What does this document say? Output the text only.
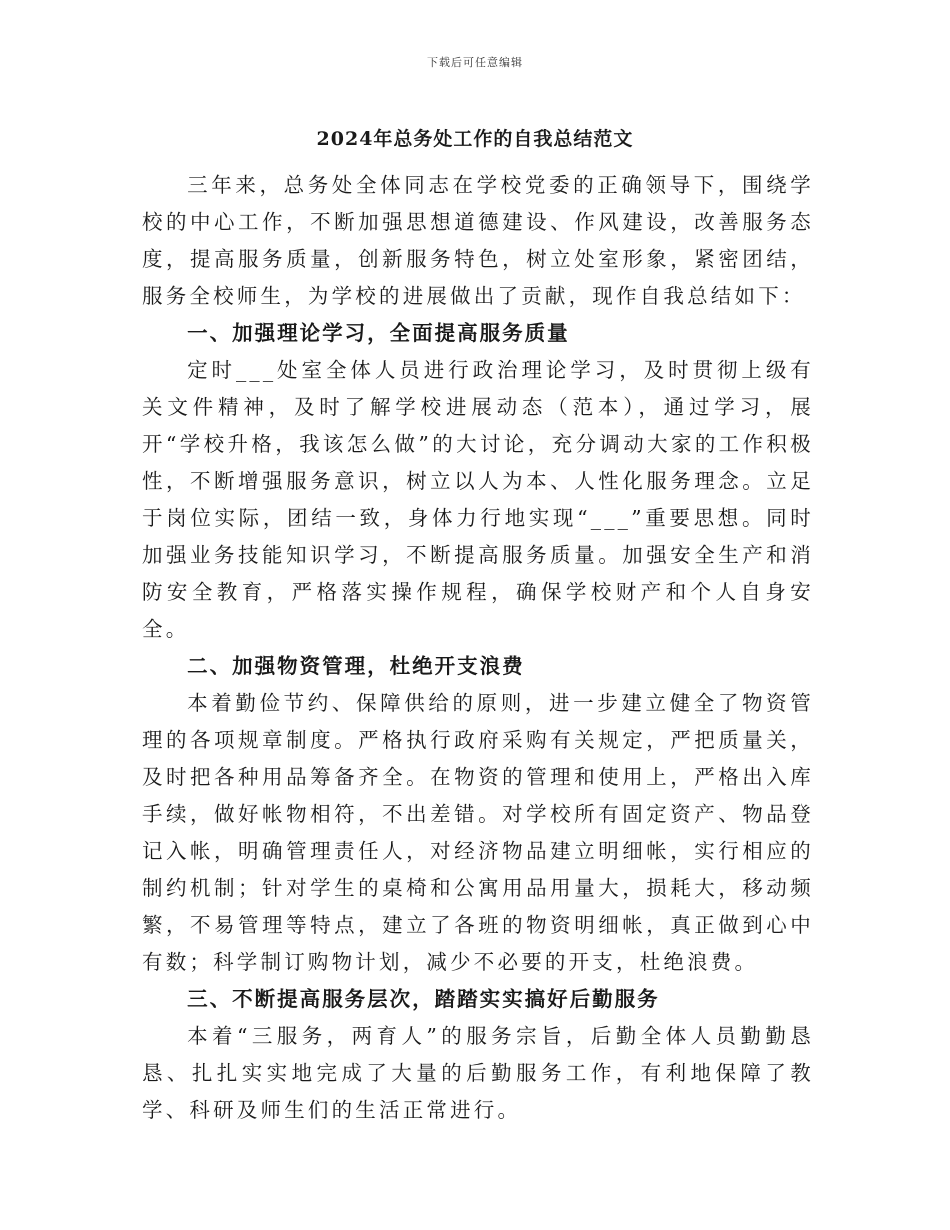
下载后可任意编辑
2024年总务处工作的自我总结范文

三年来，总务处全体同志在学校党委的正确领导下，围绕学校的中心工作，不断加强思想道德建设、作风建设，改善服务态度，提高服务质量，创新服务特色，树立处室形象，紧密团结，服务全校师生，为学校的进展做出了贡献，现作自我总结如下：

一、加强理论学习，全面提高服务质量

定时___处室全体人员进行政治理论学习，及时贯彻上级有关文件精神，及时了解学校进展动态（范本），通过学习，展开“学校升格，我该怎么做”的大讨论，充分调动大家的工作积极性，不断增强服务意识，树立以人为本、人性化服务理念。立足于岗位实际，团结一致，身体力行地实现“___”重要思想。同时加强业务技能知识学习，不断提高服务质量。加强安全生产和消防安全教育，严格落实操作规程，确保学校财产和个人自身安全。

二、加强物资管理，杜绝开支浪费

本着勤俭节约、保障供给的原则，进一步建立健全了物资管理的各项规章制度。严格执行政府采购有关规定，严把质量关，及时把各种用品筹备齐全。在物资的管理和使用上，严格出入库手续，做好帐物相符，不出差错。对学校所有固定资产、物品登记入帐，明确管理责任人，对经济物品建立明细帐，实行相应的制约机制；针对学生的桌椅和公寓用品用量大，损耗大，移动频繁，不易管理等特点，建立了各班的物资明细帐，真正做到心中有数；科学制订购物计划，减少不必要的开支，杜绝浪费。

三、不断提高服务层次，踏踏实实搞好后勤服务

本着“三服务，两育人”的服务宗旨，后勤全体人员勤勤恳恳、扎扎实实地完成了大量的后勤服务工作，有利地保障了教学、科研及师生们的生活正常进行。
